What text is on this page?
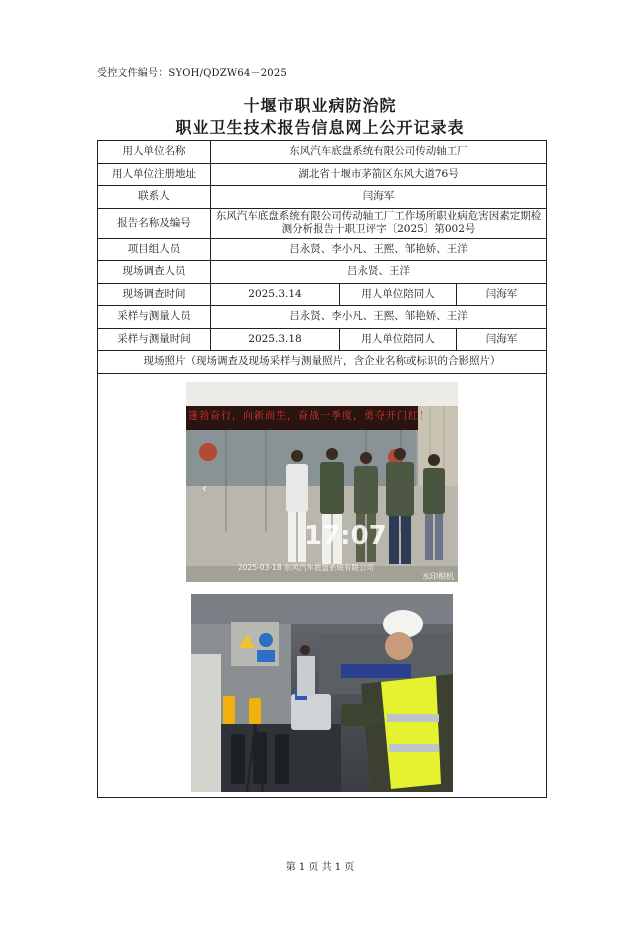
受控文件编号：SYOH/QDZW64－2025
十堰市职业病防治院
职业卫生技术报告信息网上公开记录表
用人单位名称	东风汽车底盘系统有限公司传动轴工厂		
用人单位注册地址	湖北省十堰市茅箭区东风大道76号		
联系人	闫海军		
报告名称及编号	东风汽车底盘系统有限公司传动轴工厂工作场所职业病危害因素定期检测分析报告十职卫评字〔2025〕第002号		
项目组人员	吕永贤、李小凡、王熙、邹艳娇、王洋		
现场调查人员	吕永贤、王洋		
现场调查时间	2025.3.14	用人单位陪同人	闫海军
采样与测量人员	吕永贤、李小凡、王熙、邹艳娇、王洋		
采样与测量时间	2025.3.18	用人单位陪同人	闫海军
现场照片（现场调查及现场采样与测量照片，含企业名称或标识的合影照片）			

篷勃奋行，向新而生，奋战一季度，勇夺开门红！
17:07
2025-03-18 东风汽车底盘系统有限公司
水印相机
‹			
第 1 页 共 1 页
